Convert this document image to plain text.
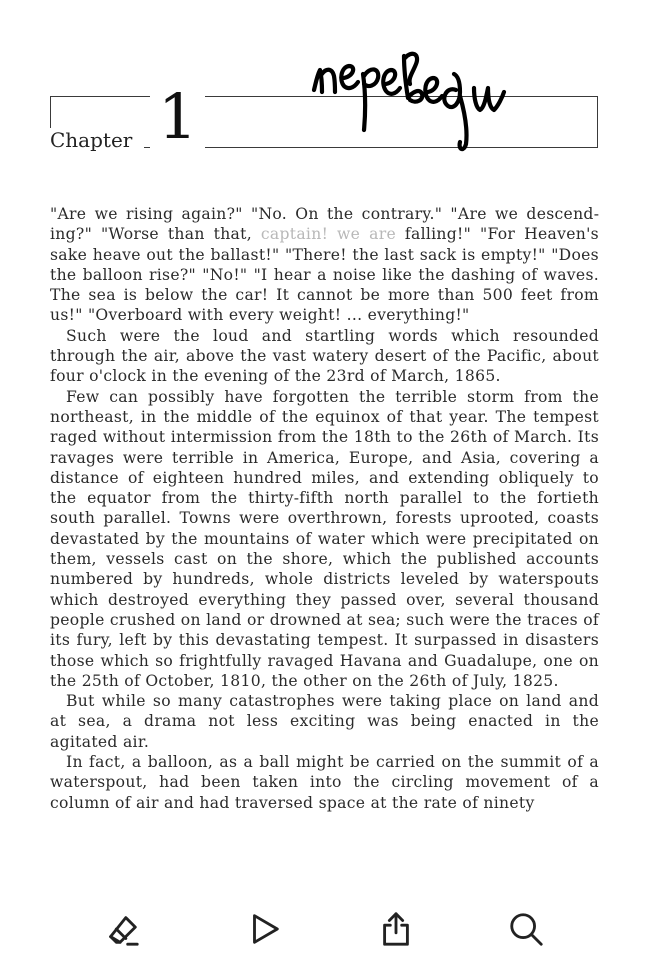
Chapter 1

"Are we rising again?" "No. On the contrary." "Are we descending?" "Worse than that, captain! we are falling!" "For Heaven's sake heave out the ballast!" "There! the last sack is empty!" "Does the balloon rise?" "No!" "I hear a noise like the dashing of waves. The sea is below the car! It cannot be more than 500 feet from us!" "Overboard with every weight! ... everything!"

Such were the loud and startling words which resounded through the air, above the vast watery desert of the Pacific, about four o'clock in the evening of the 23rd of March, 1865.

Few can possibly have forgotten the terrible storm from the northeast, in the middle of the equinox of that year. The tempest raged without intermission from the 18th to the 26th of March. Its ravages were terrible in America, Europe, and Asia, covering a distance of eighteen hundred miles, and extending obliquely to the equator from the thirty-fifth north parallel to the fortieth south parallel. Towns were overthrown, forests uprooted, coasts devastated by the mountains of water which were precipitated on them, vessels cast on the shore, which the published accounts numbered by hundreds, whole districts leveled by waterspouts which destroyed everything they passed over, several thousand people crushed on land or drowned at sea; such were the traces of its fury, left by this devastating tempest. It surpassed in disasters those which so frightfully ravaged Havana and Guadalupe, one on the 25th of October, 1810, the other on the 26th of July, 1825.

But while so many catastrophes were taking place on land and at sea, a drama not less exciting was being enacted in the agitated air.

In fact, a balloon, as a ball might be carried on the summit of a waterspout, had been taken into the circling movement of a column of air and had traversed space at the rate of ninety
